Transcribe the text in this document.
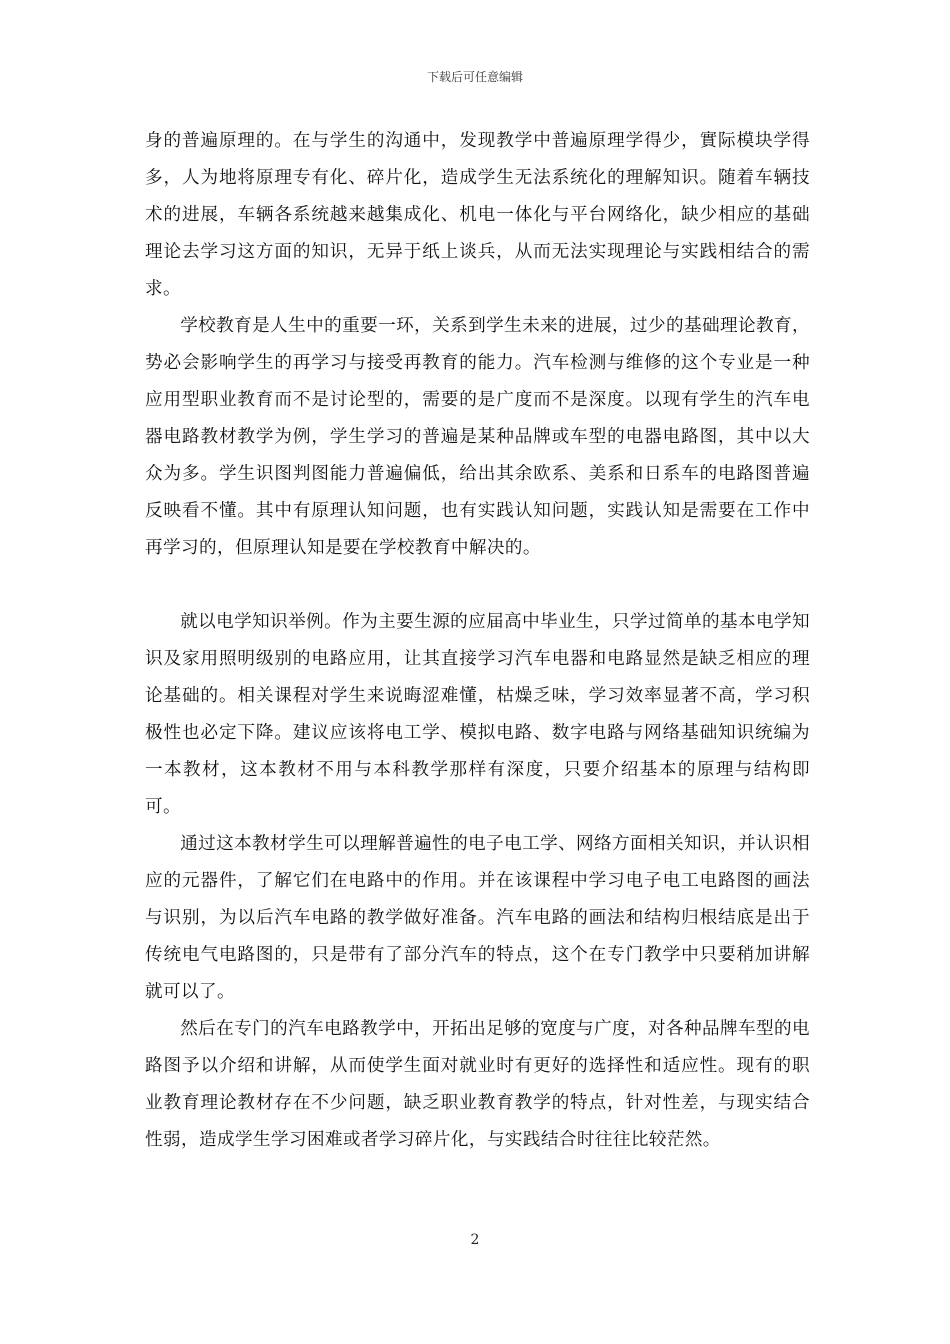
下载后可任意编辑

身的普遍原理的。在与学生的沟通中，发现教学中普遍原理学得少，實际模块学得多，人为地将原理专有化、碎片化，造成学生无法系统化的理解知识。随着车辆技术的进展，车辆各系统越来越集成化、机电一体化与平台网络化，缺少相应的基础理论去学习这方面的知识，无异于纸上谈兵，从而无法实现理论与实践相结合的需求。

学校教育是人生中的重要一环，关系到学生未来的进展，过少的基础理论教育，势必会影响学生的再学习与接受再教育的能力。汽车检测与维修的这个专业是一种应用型职业教育而不是讨论型的，需要的是广度而不是深度。以现有学生的汽车电器电路教材教学为例，学生学习的普遍是某种品牌或车型的电器电路图，其中以大众为多。学生识图判图能力普遍偏低，给出其余欧系、美系和日系车的电路图普遍反映看不懂。其中有原理认知问题，也有实践认知问题，实践认知是需要在工作中再学习的，但原理认知是要在学校教育中解决的。

就以电学知识举例。作为主要生源的应届高中毕业生，只学过简单的基本电学知识及家用照明级别的电路应用，让其直接学习汽车电器和电路显然是缺乏相应的理论基础的。相关课程对学生来说晦涩难懂，枯燥乏味，学习效率显著不高，学习积极性也必定下降。建议应该将电工学、模拟电路、数字电路与网络基础知识统编为一本教材，这本教材不用与本科教学那样有深度，只要介绍基本的原理与结构即可。

通过这本教材学生可以理解普遍性的电子电工学、网络方面相关知识，并认识相应的元器件，了解它们在电路中的作用。并在该课程中学习电子电工电路图的画法与识别，为以后汽车电路的教学做好准备。汽车电路的画法和结构归根结底是出于传统电气电路图的，只是带有了部分汽车的特点，这个在专门教学中只要稍加讲解就可以了。

然后在专门的汽车电路教学中，开拓出足够的宽度与广度，对各种品牌车型的电路图予以介绍和讲解，从而使学生面对就业时有更好的选择性和适应性。现有的职业教育理论教材存在不少问题，缺乏职业教育教学的特点，针对性差，与现实结合性弱，造成学生学习困难或者学习碎片化，与实践结合时往往比较茫然。

2
